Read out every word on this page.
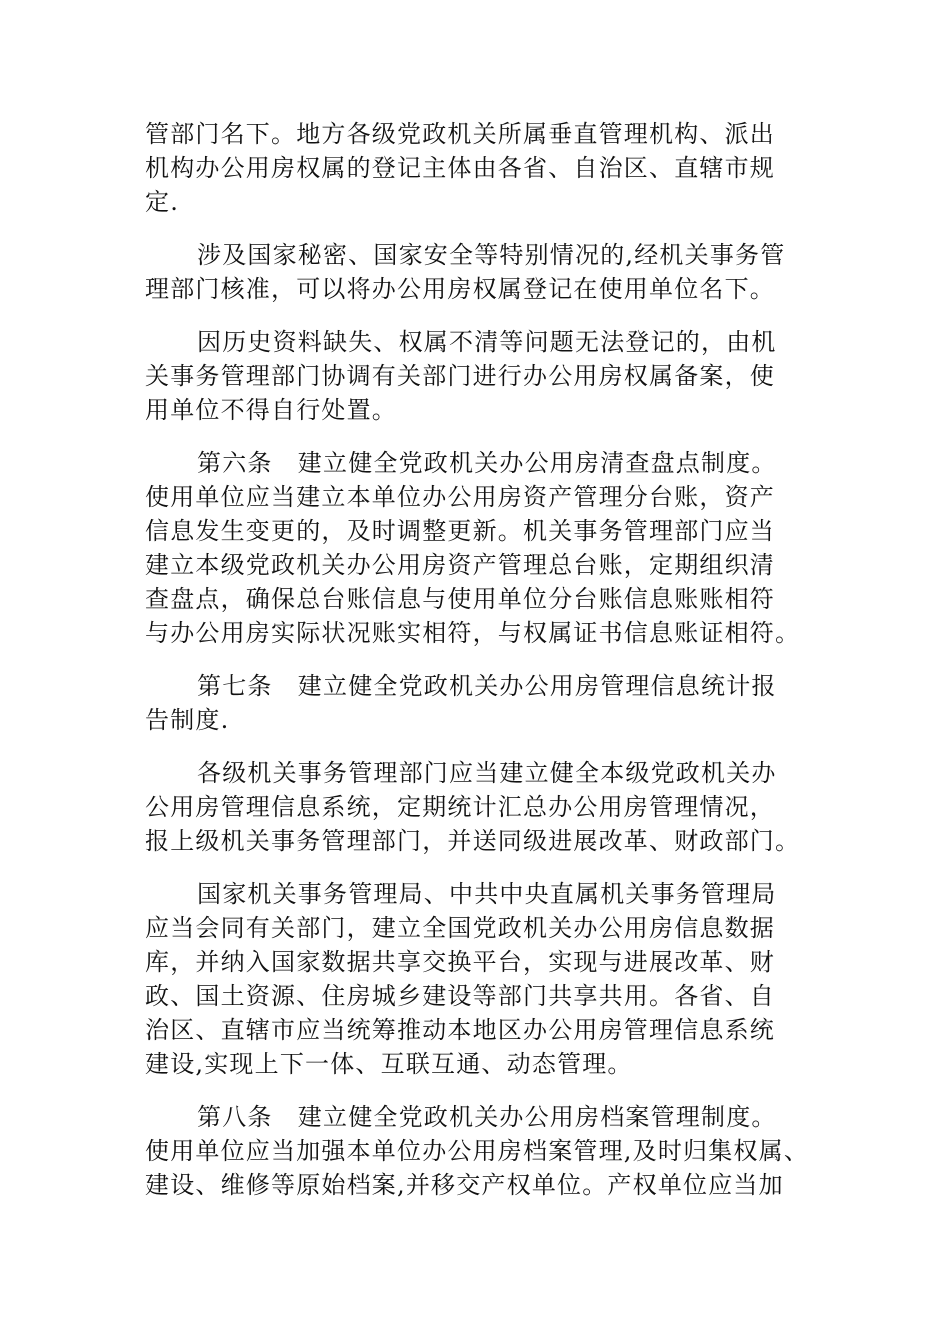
管部门名下。地方各级党政机关所属垂直管理机构、派出
机构办公用房权属的登记主体由各省、自治区、直辖市规
定.
涉及国家秘密、国家安全等特别情况的,经机关事务管
理部门核准，可以将办公用房权属登记在使用单位名下。
因历史资料缺失、权属不清等问题无法登记的，由机
关事务管理部门协调有关部门进行办公用房权属备案，使
用单位不得自行处置。
第六条　建立健全党政机关办公用房清查盘点制度。
使用单位应当建立本单位办公用房资产管理分台账，资产
信息发生变更的，及时调整更新。机关事务管理部门应当
建立本级党政机关办公用房资产管理总台账，定期组织清
查盘点，确保总台账信息与使用单位分台账信息账账相符
与办公用房实际状况账实相符，与权属证书信息账证相符。
第七条　建立健全党政机关办公用房管理信息统计报
告制度.
各级机关事务管理部门应当建立健全本级党政机关办
公用房管理信息系统，定期统计汇总办公用房管理情况，
报上级机关事务管理部门，并送同级进展改革、财政部门。
国家机关事务管理局、中共中央直属机关事务管理局
应当会同有关部门，建立全国党政机关办公用房信息数据
库，并纳入国家数据共享交换平台，实现与进展改革、财
政、国土资源、住房城乡建设等部门共享共用。各省、自
治区、直辖市应当统筹推动本地区办公用房管理信息系统
建设,实现上下一体、互联互通、动态管理。
第八条　建立健全党政机关办公用房档案管理制度。
使用单位应当加强本单位办公用房档案管理,及时归集权属、
建设、维修等原始档案,并移交产权单位。产权单位应当加
